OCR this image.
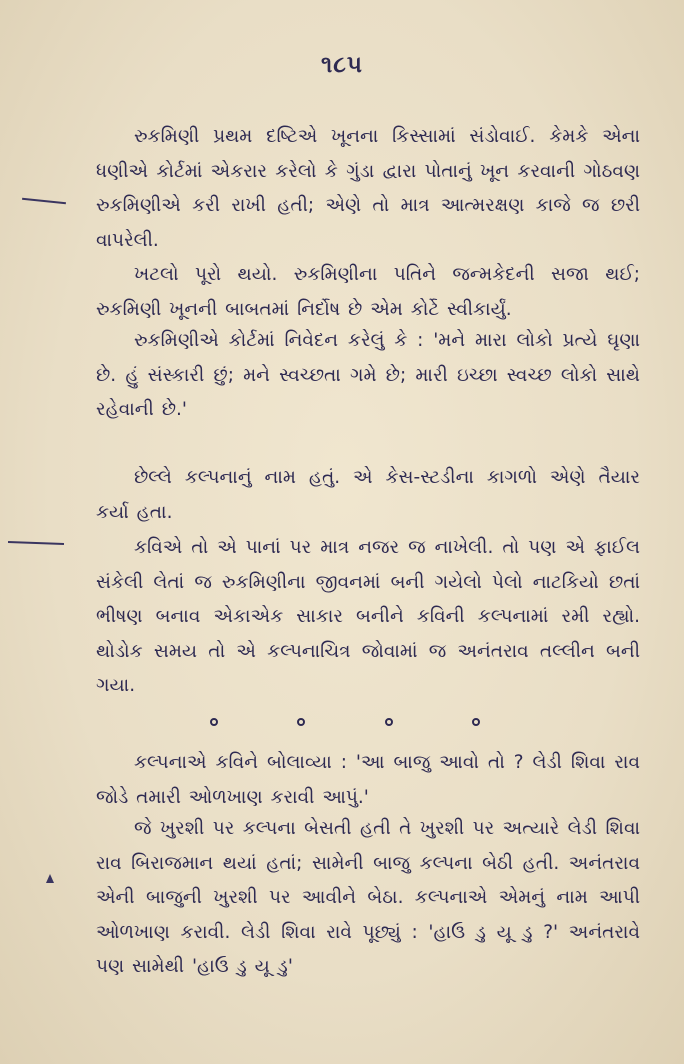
૧૮૫

રુકમિણી પ્રથમ દષ્ટિએ ખૂનના કિસ્સામાં સંડોવાઈ. કેમકે એના ધણીએ કોર્ટમાં એકરાર કરેલો કે ગુંડા દ્વારા પોતાનું ખૂન કરવાની ગોઠવણ રુકમિણીએ કરી રાખી હતી; એણે તો માત્ર આત્મરક્ષણ કાજે જ છરી વાપરેલી.

ખટલો પૂરો થયો. રુકમિણીના પતિને જન્મકેદની સજા થઈ; રુકમિણી ખૂનની બાબતમાં નિર્દોષ છે એમ કોર્ટે સ્વીકાર્યું.

રુકમિણીએ કોર્ટમાં નિવેદન કરેલું કે : 'મને મારા લોકો પ્રત્યે ઘૃણા છે. હું સંસ્કારી છું; મને સ્વચ્છતા ગમે છે; મારી ઇચ્છા સ્વચ્છ લોકો સાથે રહેવાની છે.'

છેલ્લે કલ્પનાનું નામ હતું. એ કેસ-સ્ટડીના કાગળો એણે તૈયાર કર્યા હતા.

કવિએ તો એ પાનાં પર માત્ર નજર જ નાખેલી. તો પણ એ ફાઈલ સંકેલી લેતાં જ રુકમિણીના જીવનમાં બની ગયેલો પેલો નાટકિયો છતાં ભીષણ બનાવ એકાએક સાકાર બનીને કવિની કલ્પનામાં રમી રહ્યો. થોડોક સમય તો એ કલ્પનાચિત્ર જોવામાં જ અનંતરાવ તલ્લીન બની ગયા.

કલ્પનાએ કવિને બોલાવ્યા : 'આ બાજુ આવો તો ? લેડી શિવા રાવ જોડે તમારી ઓળખાણ કરાવી આપું.'

જે ખુરશી પર કલ્પના બેસતી હતી તે ખુરશી પર અત્યારે લેડી શિવા રાવ બિરાજમાન થયાં હતાં; સામેની બાજુ કલ્પના બેઠી હતી. અનંતરાવ એની બાજુની ખુરશી પર આવીને બેઠા. કલ્પનાએ એમનું નામ આપી ઓળખાણ કરાવી. લેડી શિવા રાવે પૂછ્યું : 'હાઉ ડુ યૂ ડુ ?' અનંતરાવે પણ સામેથી 'હાઉ ડુ યૂ ડુ'
